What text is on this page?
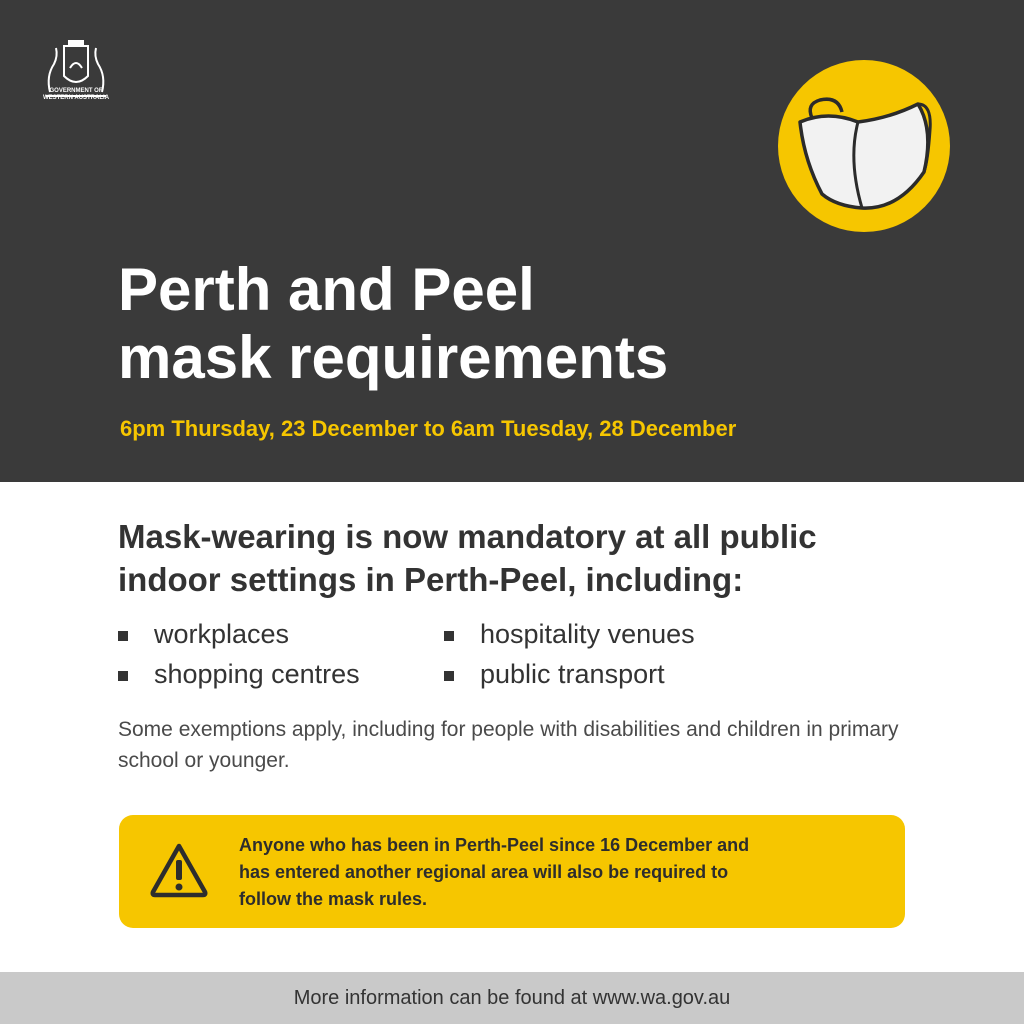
GOVERNMENT OF
WESTERN AUSTRALIA
Perth and Peel
mask requirements
6pm Thursday, 23 December to 6am Tuesday, 28 December
Mask-wearing is now mandatory at all public
indoor settings in Perth-Peel, including:
workplaces
shopping centres
hospitality venues
public transport
Some exemptions apply, including for people with disabilities and children in primary school or younger.
Anyone who has been in Perth-Peel since 16 December and
has entered another regional area will also be required to
follow the mask rules.
More information can be found at www.wa.gov.au
